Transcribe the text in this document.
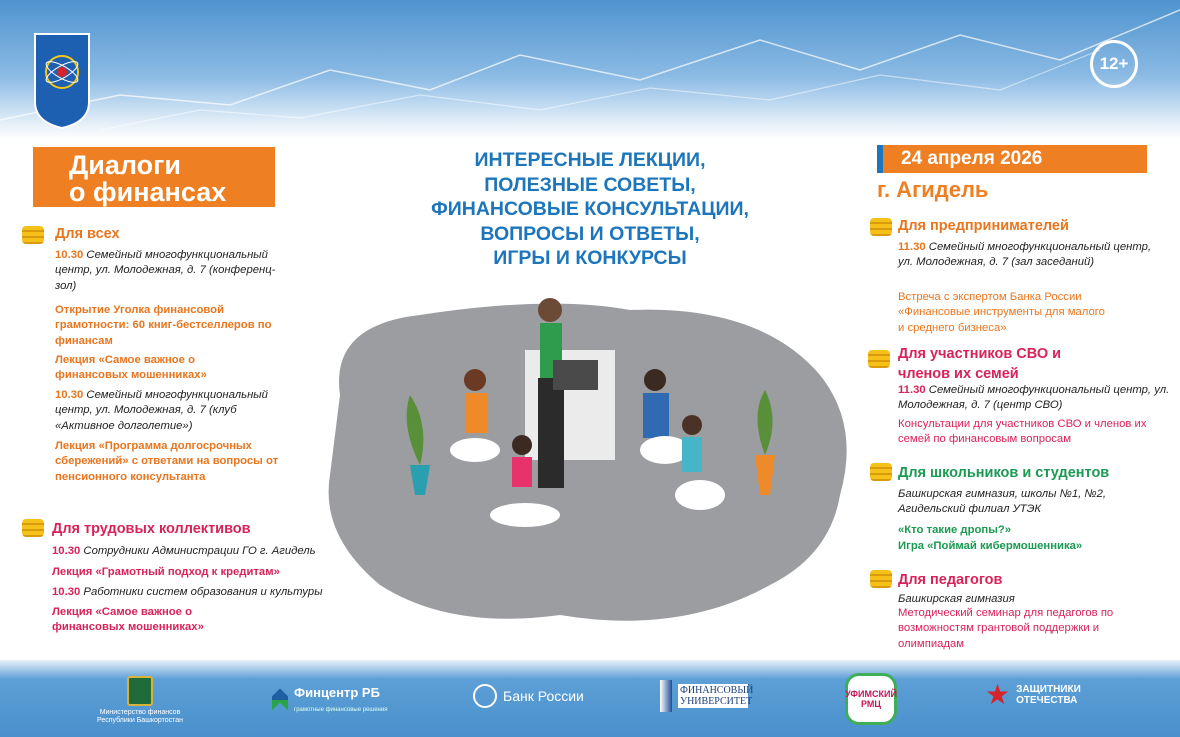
12+
Диалоги
о финансах
ИНТЕРЕСНЫЕ ЛЕКЦИИ,
ПОЛЕЗНЫЕ СОВЕТЫ,
ФИНАНСОВЫЕ КОНСУЛЬТАЦИИ,
ВОПРОСЫ И ОТВЕТЫ,
ИГРЫ И КОНКУРСЫ
24 апреля 2026
г. Агидель
Для всех
10.30 Семейный многофункциональный центр, ул. Молодежная, д. 7 (конференц-зол)
Открытие Уголка финансовой грамотности: 60 книг-бестселлеров по финансам
Лекция «Самое важное о финансовых мошенниках»
10.30 Семейный многофункциональный центр, ул. Молодежная, д. 7 (клуб «Активное долголетие»)
Лекция «Программа долгосрочных сбережений» с ответами на вопросы от пенсионного консультанта
Для трудовых коллективов
10.30 Сотрудники Администрации ГО г. Агидель
Лекция «Грамотный подход к кредитам»
10.30 Работники систем образования и культуры
Лекция «Самое важное о финансовых мошенниках»
Для предпринимателей
11.30 Семейный многофункциональный центр, ул. Молодежная, д. 7 (зал заседаний)
Встреча с экспертом Банка России «Финансовые инструменты для малого и среднего бизнеса»
Для участников СВО и членов их семей
11.30 Семейный многофункциональный центр, ул. Молодежная, д. 7 (центр СВО)
Консультации для участников СВО и членов их семей по финансовым вопросам
Для школьников и студентов
Башкирская гимназия, школы №1, №2, Агидельский филиал УТЭК
«Кто такие дропы?»
Игра «Поймай кибермошенника»
Для педагогов
Башкирская гимназия
Методический семинар для педагогов по возможностям грантовой поддержки и олимпиадам
Министерство финансов Республики Башкортостан
Финцентр РБ
грамотные финансовые решения
Банк России	ФИНАНСОВЫЙ УНИВЕРСИТЕТ
УФИМСКИЙ РМЦ	★ ЗАЩИТНИКИ ОТЕЧЕСТВА
